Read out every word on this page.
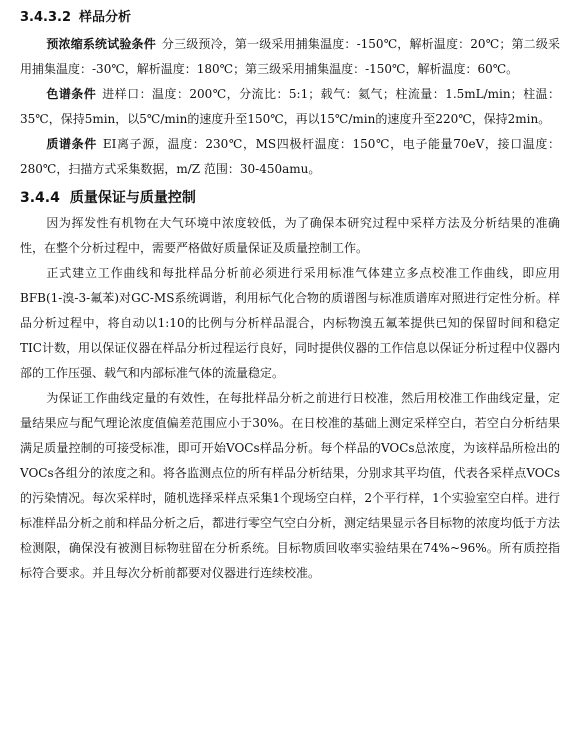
3.4.3.2 样品分析

预浓缩系统试验条件 分三级预冷，第一级采用捕集温度：-150℃，解析温度：20℃；第二级采用捕集温度：-30℃，解析温度：180℃；第三级采用捕集温度：-150℃，解析温度：60℃。

色谱条件 进样口：温度：200℃，分流比：5:1；载气：氦气；柱流量：1.5mL/min；柱温：35℃，保持5min，以5℃/min的速度升至150℃，再以15℃/min的速度升至220℃，保持2min。

质谱条件 EI离子源，温度：230℃，MS四极杆温度：150℃，电子能量70eV，接口温度：280℃，扫描方式采集数据，m/Z 范围：30-450amu。

3.4.4 质量保证与质量控制

因为挥发性有机物在大气环境中浓度较低，为了确保本研究过程中采样方法及分析结果的准确性，在整个分析过程中，需要严格做好质量保证及质量控制工作。

正式建立工作曲线和每批样品分析前必须进行采用标准气体建立多点校准工作曲线，即应用BFB(1-溴-3-氟苯)对GC-MS系统调谐，利用标气化合物的质谱图与标准质谱库对照进行定性分析。样品分析过程中，将自动以1:10的比例与分析样品混合，内标物溴五氟苯提供已知的保留时间和稳定TIC计数，用以保证仪器在样品分析过程运行良好，同时提供仪器的工作信息以保证分析过程中仪器内部的工作压强、载气和内部标准气体的流量稳定。

为保证工作曲线定量的有效性，在每批样品分析之前进行日校准，然后用校准工作曲线定量，定量结果应与配气理论浓度值偏差范围应小于30%。在日校准的基础上测定采样空白，若空白分析结果满足质量控制的可接受标准，即可开始VOCs样品分析。每个样品的VOCs总浓度，为该样品所检出的VOCs各组分的浓度之和。将各监测点位的所有样品分析结果，分别求其平均值，代表各采样点VOCs的污染情况。每次采样时，随机选择采样点采集1个现场空白样，2个平行样，1个实验室空白样。进行标准样品分析之前和样品分析之后，都进行零空气空白分析，测定结果显示各目标物的浓度均低于方法检测限，确保没有被测目标物驻留在分析系统。目标物质回收率实验结果在74%~96%。所有质控指标符合要求。并且每次分析前都要对仪器进行连续校准。
